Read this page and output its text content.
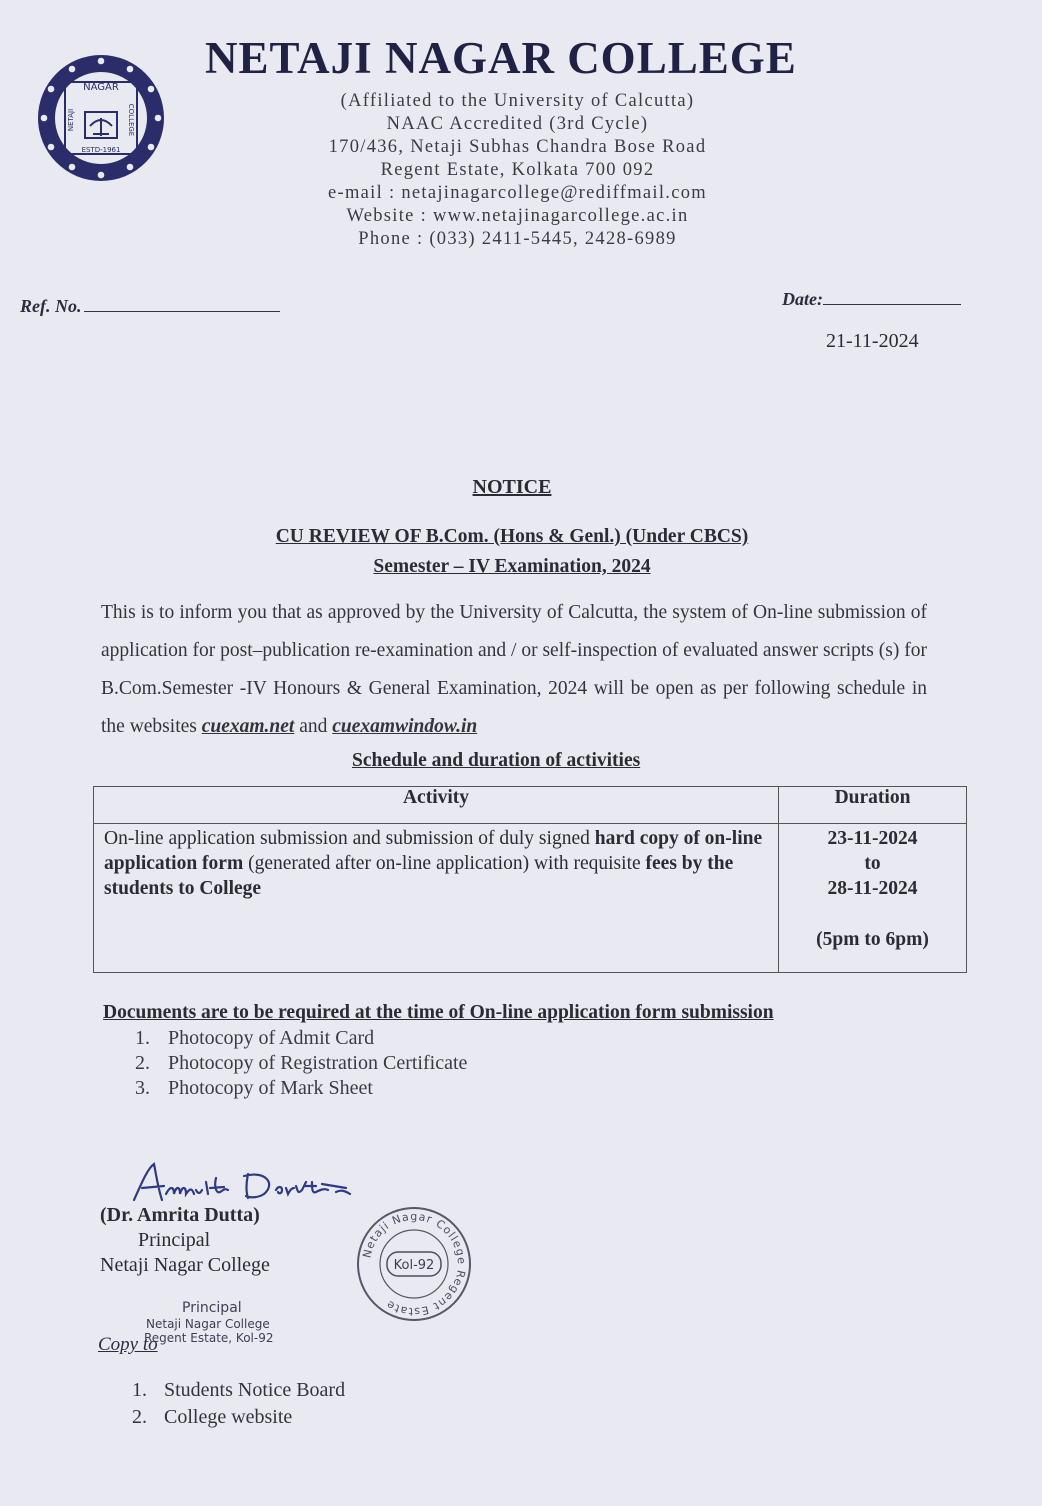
NAGAR
NETAJI	COLLEGE
ESTD-1961
NETAJI NAGAR COLLEGE
(Affiliated to the University of Calcutta)
NAAC Accredited (3rd Cycle)
170/436, Netaji Subhas Chandra Bose Road
Regent Estate, Kolkata 700 092
e-mail : netajinagarcollege@rediffmail.com
Website : www.netajinagarcollege.ac.in
Phone : (033) 2411-5445, 2428-6989
Ref. No.	Date:
21-11-2024
NOTICE
CU REVIEW OF B.Com. (Hons & Genl.) (Under CBCS)
Semester – IV Examination, 2024
This is to inform you that as approved by the University of Calcutta, the system of On-line submission of application for post–publication re-examination and / or self-inspection of evaluated answer scripts (s) for B.Com.Semester -IV Honours & General Examination, 2024 will be open as per following schedule in the websites cuexam.net and cuexamwindow.in
Schedule and duration of activities
Activity	Duration
On-line application submission and submission of duly signed hard copy of on-line application form (generated after on-line application) with requisite fees by the students to College	23-11-2024
to
28-11-2024
(5pm to 6pm)
Documents are to be required at the time of On-line application form submission
1. Photocopy of Admit Card
2. Photocopy of Registration Certificate
3. Photocopy of Mark Sheet
(Dr. Amrita Dutta)
Principal
Netaji Nagar College
Netaji Nagar College Regent Estate
Kol-92
Principal
Netaji Nagar College
Regent Estate, Kol-92
Copy to
1. Students Notice Board
2. College website
